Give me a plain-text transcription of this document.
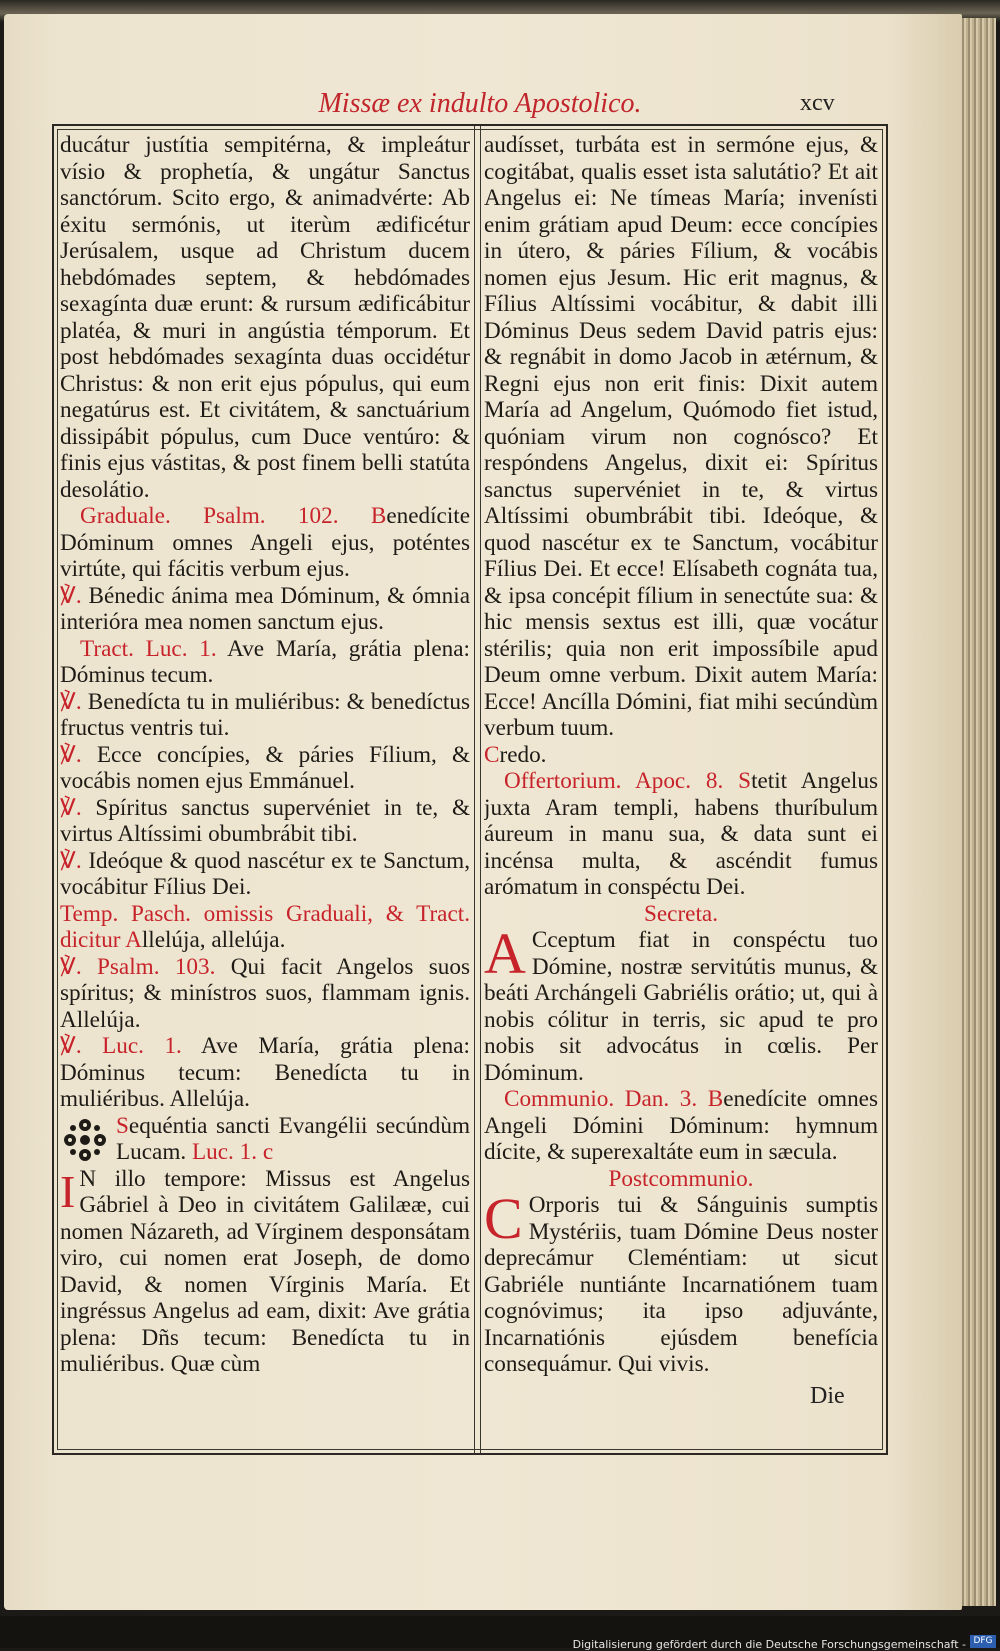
Missæ ex indulto Apostolico.	xcv

ducátur justítia sempitérna, & impleátur vísio & prophetía, & ungátur Sanctus sanctórum. Scito ergo, & animadvérte: Ab éxitu sermónis, ut iterùm ædificétur Jerúsalem, usque ad Christum ducem hebdómades septem, & hebdómades sexagínta duæ erunt: & rursum ædificábitur platéa, & muri in angústia témporum. Et post hebdómades sexagínta duas occidétur Christus: & non erit ejus pópulus, qui eum negatúrus est. Et civitátem, & sanctuárium dissipábit pópulus, cum Duce ventúro: & finis ejus vástitas, & post finem belli statúta desolátio.

Graduale. Psalm. 102. Benedícite Dóminum omnes Angeli ejus, poténtes virtúte, qui fácitis verbum ejus.

℣. Bénedic ánima mea Dóminum, & ómnia interióra mea nomen sanctum ejus.

Tract. Luc. 1. Ave María, grátia plena: Dóminus tecum.

℣. Benedícta tu in muliéribus: & benedíctus fructus ventris tui.

℣. Ecce concípies, & páries Fílium, & vocábis nomen ejus Emmánuel.

℣. Spíritus sanctus supervéniet in te, & virtus Altíssimi obumbrábit tibi.

℣. Ideóque & quod nascétur ex te Sanctum, vocábitur Fílius Dei.

Temp. Pasch. omissis Graduali, & Tract. dicitur Allelúja, allelúja.

℣. Psalm. 103. Qui facit Angelos suos spíritus; & minístros suos, flammam ignis. Allelúja.

℣. Luc. 1. Ave María, grátia plena: Dóminus tecum: Benedícta tu in muliéribus. Allelúja.

Sequéntia sancti Evangélii secúndùm Lucam. Luc. 1. c

I N illo tempore: Missus est Angelus Gábriel à Deo in civitátem Galilææ, cui nomen Názareth, ad Vírginem desponsátam viro, cui nomen erat Joseph, de domo David, & nomen Vírginis María. Et ingréssus Angelus ad eam, dixit: Ave grátia plena: Dñs tecum: Benedícta tu in muliéribus. Quæ cùm

audísset, turbáta est in sermóne ejus, & cogitábat, qualis esset ista salutátio? Et ait Angelus ei: Ne tímeas María; invenísti enim grátiam apud Deum: ecce concípies in útero, & páries Fílium, & vocábis nomen ejus Jesum. Hic erit magnus, & Fílius Altíssimi vocábitur, & dabit illi Dóminus Deus sedem David patris ejus: & regnábit in domo Jacob in ætérnum, & Regni ejus non erit finis: Dixit autem María ad Angelum, Quómodo fiet istud, quóniam virum non cognósco? Et respóndens Angelus, dixit ei: Spíritus sanctus supervéniet in te, & virtus Altíssimi obumbrábit tibi. Ideóque, & quod nascétur ex te Sanctum, vocábitur Fílius Dei. Et ecce! Elísabeth cognáta tua, & ipsa concépit fílium in senectúte sua: & hic mensis sextus est illi, quæ vocátur stérilis; quia non erit impossíbile apud Deum omne verbum. Dixit autem María: Ecce! Ancílla Dómini, fiat mihi secúndùm verbum tuum.

Credo.

Offertorium. Apoc. 8. Stetit Angelus juxta Aram templi, habens thuríbulum áureum in manu sua, & data sunt ei incénsa multa, & ascéndit fumus arómatum in conspéctu Dei.

Secreta.

A Cceptum fiat in conspéctu tuo Dómine, nostræ servitútis munus, & beáti Archángeli Gabriélis orátio; ut, qui à nobis cólitur in terris, sic apud te pro nobis sit advocátus in cœlis. Per Dóminum.

Communio. Dan. 3. Benedícite omnes Angeli Dómini Dóminum: hymnum dícite, & superexaltáte eum in sæcula.

Postcommunio.

C Orporis tui & Sánguinis sumptis Mystériis, tuam Dómine Deus noster deprecámur Cleméntiam: ut sicut Gabriéle nuntiánte Incarnatiónem tuam cognóvimus; ita ipso adjuvánte, Incarnatiónis ejúsdem benefícia consequámur. Qui vivis.

Die
Digitalisierung gefördert durch die Deutsche Forschungsgemeinschaft - DFG
